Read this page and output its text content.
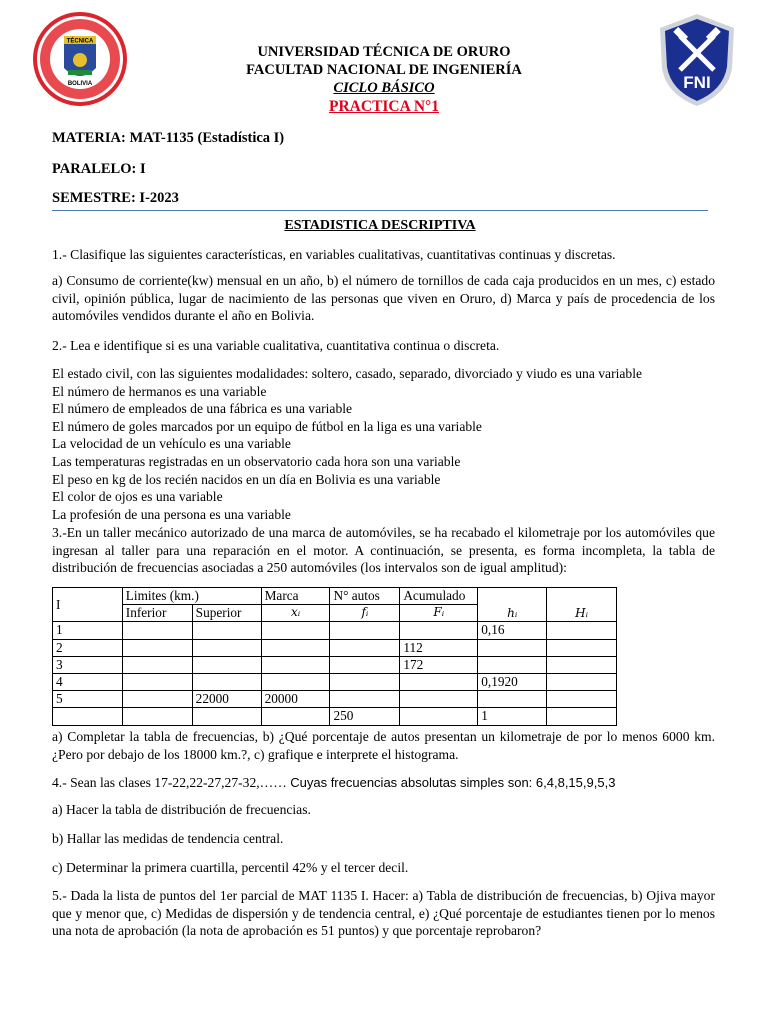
TÉCNICA
BOLIVIA	FNI
UNIVERSIDAD TÉCNICA DE ORURO
FACULTAD NACIONAL DE INGENIERÍA
CICLO BÁSICO
PRACTICA N°1
MATERIA: MAT-1135 (Estadística I)
PARALELO: I
SEMESTRE: I-2023
ESTADISTICA DESCRIPTIVA
1.- Clasifique las siguientes características, en variables cualitativas, cuantitativas continuas y discretas.
a) Consumo de corriente(kw) mensual en un año, b) el número de tornillos de cada caja producidos en un mes, c) estado civil, opinión pública, lugar de nacimiento de las personas que viven en Oruro, d) Marca y país de procedencia de los automóviles vendidos durante el año en Bolivia.
2.- Lea e identifique si es una variable cualitativa, cuantitativa continua o discreta.
El estado civil, con las siguientes modalidades: soltero, casado, separado, divorciado y viudo es una variable
El número de hermanos es una variable
El número de empleados de una fábrica es una variable
El número de goles marcados por un equipo de fútbol en la liga es una variable
La velocidad de un vehículo es una variable
Las temperaturas registradas en un observatorio cada hora son una variable
El peso en kg de los recién nacidos en un día en Bolivia es una variable
El color de ojos es una variable
La profesión de una persona es una variable
3.-En un taller mecánico autorizado de una marca de automóviles, se ha recabado el kilometraje por los automóviles que ingresan al taller para una reparación en el motor. A continuación, se presenta, es forma incompleta, la tabla de distribución de frecuencias asociadas a 250 automóviles (los intervalos son de igual amplitud):
I	Limites (km.)		Marca	N° autos	Acumulado	hᵢ	Hᵢ
	Inferior	Superior	xᵢ	fᵢ	Fᵢ		
1						0,16	
2					112		
3					172		
4						0,1920	
5		22000	20000				
				250		1	
a) Completar la tabla de frecuencias, b) ¿Qué porcentaje de autos presentan un kilometraje de por lo menos 6000 km. ¿Pero por debajo de los 18000 km.?, c) grafique e interprete el histograma.
4.- Sean las clases 17-22,22-27,27-32,…… Cuyas frecuencias absolutas simples son: 6,4,8,15,9,5,3
a) Hacer la tabla de distribución de frecuencias.
b) Hallar las medidas de tendencia central.
c) Determinar la primera cuartilla, percentil 42% y el tercer decil.
5.- Dada la lista de puntos del 1er parcial de MAT 1135 I. Hacer: a) Tabla de distribución de frecuencias, b) Ojiva mayor que y menor que, c) Medidas de dispersión y de tendencia central, e) ¿Qué porcentaje de estudiantes tienen por lo menos una nota de aprobación (la nota de aprobación es 51 puntos) y que porcentaje reprobaron?
